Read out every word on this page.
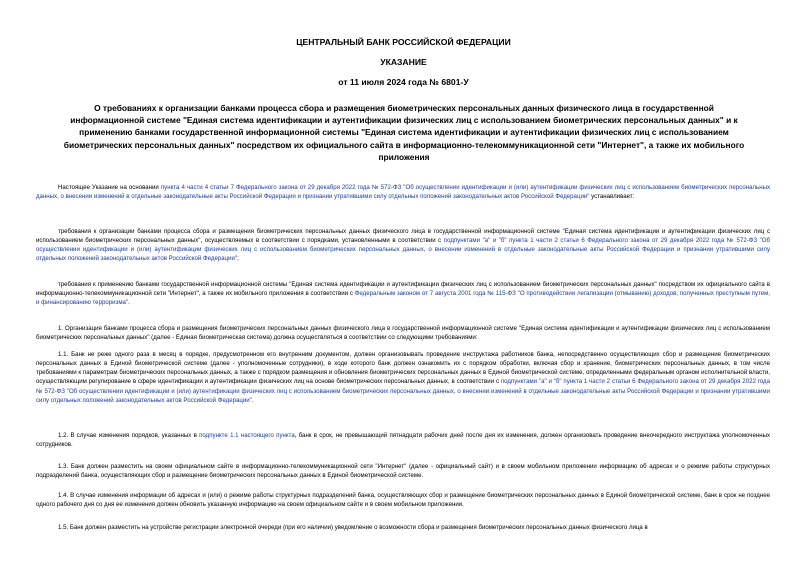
ЦЕНТРАЛЬНЫЙ БАНК РОССИЙСКОЙ ФЕДЕРАЦИИ
УКАЗАНИЕ
от 11 июля 2024 года № 6801-У
О требованиях к организации банками процесса сбора и размещения биометрических персональных данных физического лица в государственной информационной системе "Единая система идентификации и аутентификации физических лиц с использованием биометрических персональных данных" и к применению банками государственной информационной системы "Единая система идентификации и аутентификации физических лиц с использованием биометрических персональных данных" посредством их официального сайта в информационно-телекоммуникационной сети "Интернет", а также их мобильного приложения

Настоящее Указание на основании пункта 4 части 4 статьи 7 Федерального закона от 29 декабря 2022 года № 572-ФЗ "Об осуществлении идентификации и (или) аутентификации физических лиц с использованием биометрических персональных данных, о внесении изменений в отдельные законодательные акты Российской Федерации и признании утратившими силу отдельных положений законодательных актов Российской Федерации" устанавливает:

требования к организации банками процесса сбора и размещения биометрических персональных данных физического лица в государственной информационной системе "Единая система идентификации и аутентификации физических лиц с использованием биометрических персональных данных", осуществляемых в соответствии с порядками, установленными в соответствии с подпунктами "а" и "б" пункта 1 части 2 статьи 6 Федерального закона от 29 декабря 2022 года № 572-ФЗ "Об осуществлении идентификации и (или) аутентификации физических лиц с использованием биометрических персональных данных, о внесении изменений в отдельные законодательные акты Российской Федерации и признании утратившими силу отдельных положений законодательных актов Российской Федерации";

требования к применению банками государственной информационной системы "Единая система идентификации и аутентификации физических лиц с использованием биометрических персональных данных" посредством их официального сайта в информационно-телекоммуникационной сети "Интернет", а также их мобильного приложения в соответствии с Федеральным законом от 7 августа 2001 года № 115-ФЗ "О противодействии легализации (отмыванию) доходов, полученных преступным путем, и финансированию терроризма".

1. Организация банками процесса сбора и размещения биометрических персональных данных физического лица в государственной информационной системе "Единая система идентификации и аутентификации физических лиц с использованием биометрических персональных данных" (далее - Единая биометрическая система) должна осуществляться в соответствии со следующими требованиями:

1.1. Банк не реже одного раза в месяц в порядке, предусмотренном его внутренним документом, должен организовывать проведение инструктажа работников банка, непосредственно осуществляющих сбор и размещение биометрических персональных данных в Единой биометрической системе (далее - уполномоченные сотрудники), в ходе которого банк должен ознакомить их с порядком обработки, включая сбор и хранение, биометрических персональных данных, в том числе требованиями к параметрам биометрических персональных данных, а также с порядком размещения и обновления биометрических персональных данных в Единой биометрической системе, определенными федеральным органом исполнительной власти, осуществляющим регулирование в сфере идентификации и аутентификации физических лиц на основе биометрических персональных данных, в соответствии с подпунктами "а" и "б" пункта 1 части 2 статьи 6 Федерального закона от 29 декабря 2022 года № 572-ФЗ "Об осуществлении идентификации и (или) аутентификации физических лиц с использованием биометрических персональных данных, о внесении изменений в отдельные законодательные акты Российской Федерации и признании утратившими силу отдельных положений законодательных актов Российской Федерации".

1.2. В случае изменения порядков, указанных в подпункте 1.1 настоящего пункта, банк в срок, не превышающий пятнадцати рабочих дней после дня их изменения, должен организовать проведение внеочередного инструктажа уполномоченных сотрудников.

1.3. Банк должен разместить на своем официальном сайте в информационно-телекоммуникационной сети "Интернет" (далее - официальный сайт) и в своем мобильном приложении информацию об адресах и о режиме работы структурных подразделений банка, осуществляющих сбор и размещение биометрических персональных данных в Единой биометрической системе.

1.4. В случае изменения информации об адресах и (или) о режиме работы структурных подразделений банка, осуществляющих сбор и размещение биометрических персональных данных в Единой биометрической системе, банк в срок не позднее одного рабочего дня со дня ее изменения должен обновить указанную информацию на своем официальном сайте и в своем мобильном приложении.

1.5. Банк должен разместить на устройстве регистрации электронной очереди (при его наличии) уведомление о возможности сбора и размещения биометрических персональных данных физического лица в
